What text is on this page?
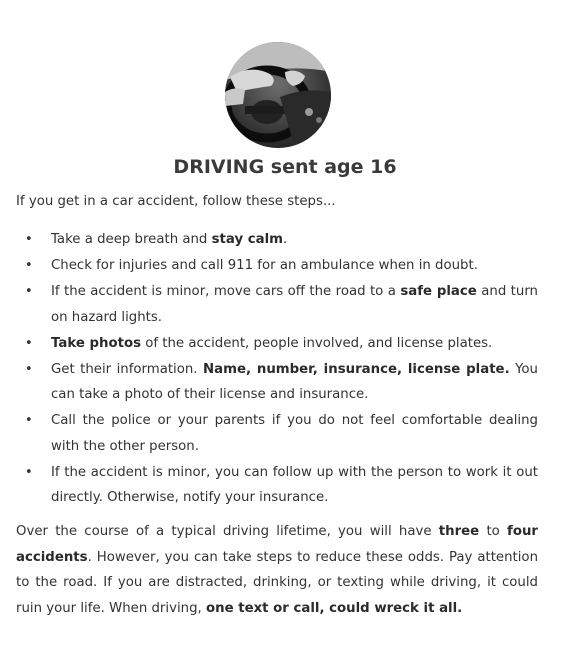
DRIVING sent age 16

If you get in a car accident, follow these steps...

• Take a deep breath and stay calm.
• Check for injuries and call 911 for an ambulance when in doubt.
• If the accident is minor, move cars off the road to a safe place and turn on hazard lights.
• Take photos of the accident, people involved, and license plates.
• Get their information. Name, number, insurance, license plate. You can take a photo of their license and insurance.
• Call the police or your parents if you do not feel comfortable dealing with the other person.
• If the accident is minor, you can follow up with the person to work it out directly. Otherwise, notify your insurance.

Over the course of a typical driving lifetime, you will have three to four accidents. However, you can take steps to reduce these odds. Pay attention to the road. If you are distracted, drinking, or texting while driving, it could ruin your life. When driving, one text or call, could wreck it all.
